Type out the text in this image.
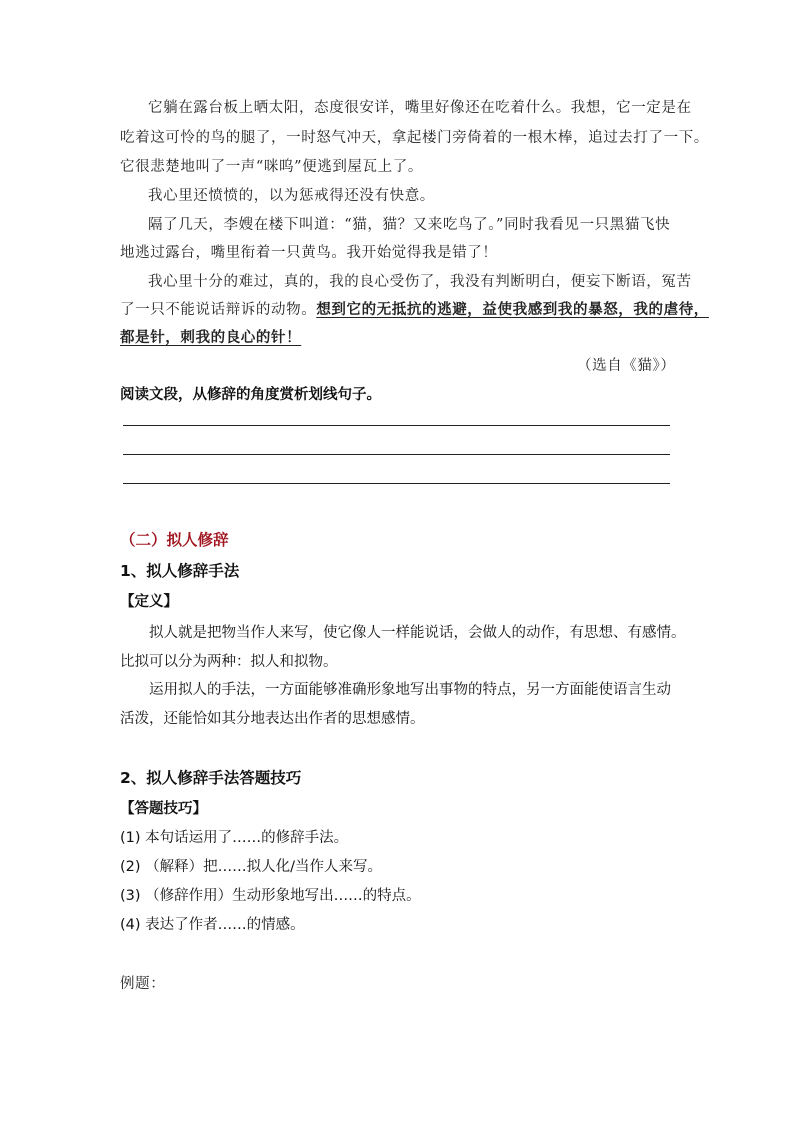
它躺在露台板上晒太阳，态度很安详，嘴里好像还在吃着什么。我想，它一定是在
吃着这可怜的鸟的腿了，一时怒气冲天，拿起楼门旁倚着的一根木棒，追过去打了一下。
它很悲楚地叫了一声“咪呜”便逃到屋瓦上了。
我心里还愤愤的，以为惩戒得还没有快意。
隔了几天，李嫂在楼下叫道：“猫，猫？又来吃鸟了。”同时我看见一只黑猫飞快
地逃过露台，嘴里衔着一只黄鸟。我开始觉得我是错了！
我心里十分的难过，真的，我的良心受伤了，我没有判断明白，便妄下断语，冤苦
了一只不能说话辩诉的动物。想到它的无抵抗的逃避，益使我感到我的暴怒，我的虐待，
都是针，刺我的良心的针！
（选自《猫》）
阅读文段，从修辞的角度赏析划线句子。
（二）拟人修辞
1、拟人修辞手法
【定义】
拟人就是把物当作人来写，使它像人一样能说话，会做人的动作，有思想、有感情。
比拟可以分为两种：拟人和拟物。
运用拟人的手法，一方面能够准确形象地写出事物的特点，另一方面能使语言生动
活泼，还能恰如其分地表达出作者的思想感情。
2、拟人修辞手法答题技巧
【答题技巧】
(1) 本句话运用了……的修辞手法。
(2) （解释）把……拟人化/当作人来写。
(3) （修辞作用）生动形象地写出……的特点。
(4) 表达了作者……的情感。
例题：
